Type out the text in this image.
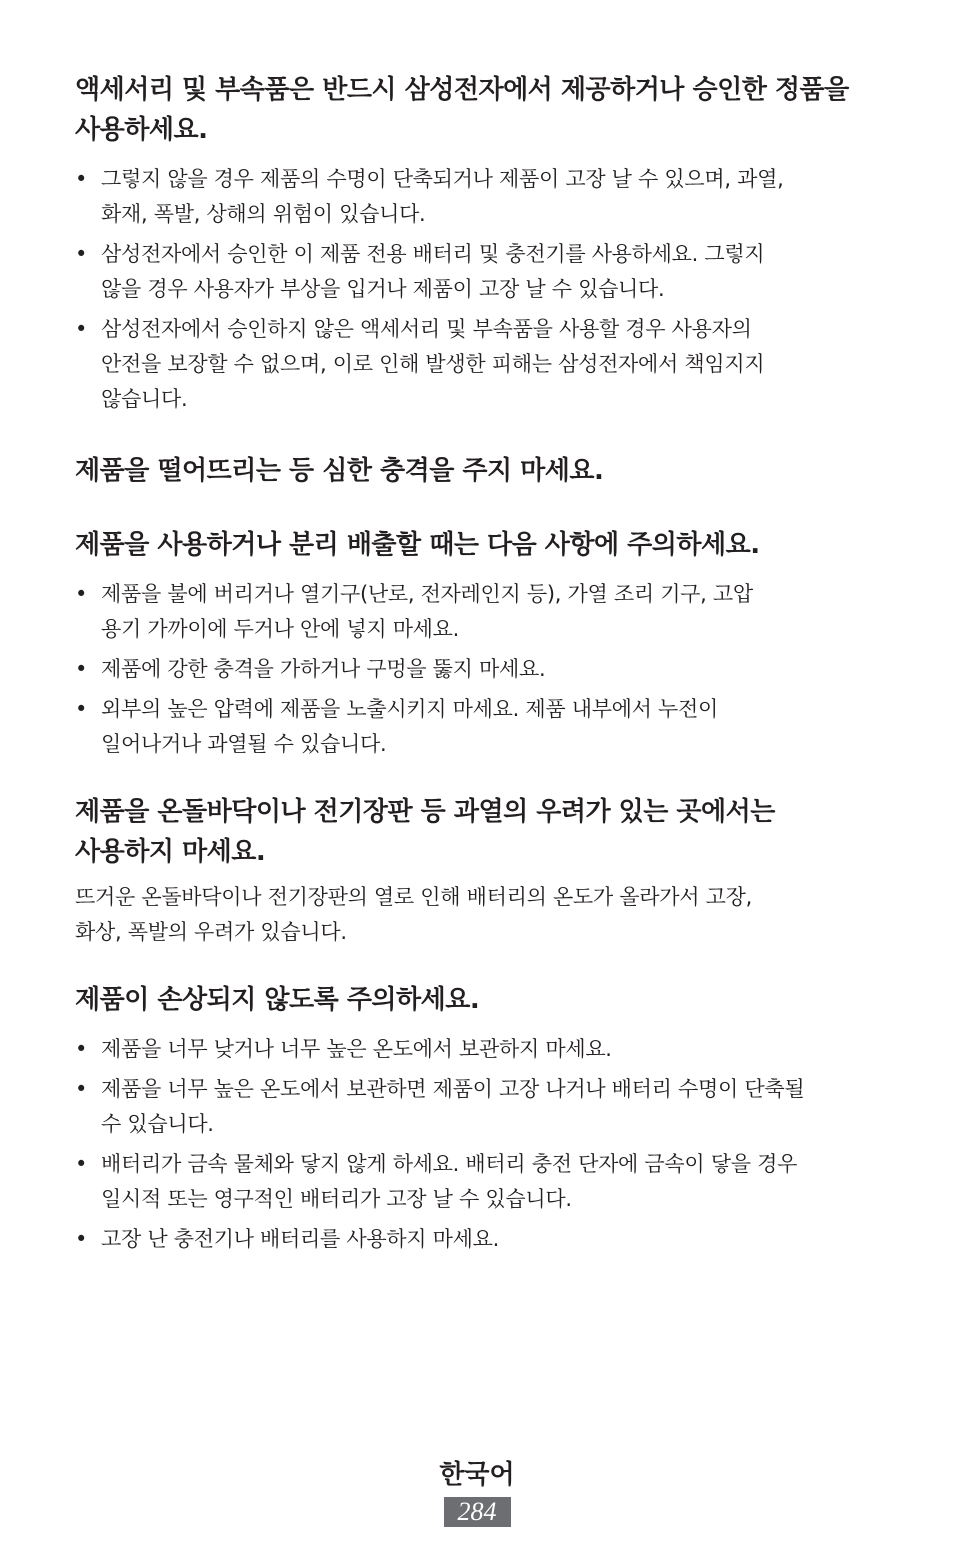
액세서리 및 부속품은 반드시 삼성전자에서 제공하거나 승인한 정품을
사용하세요.
• 그렇지 않을 경우 제품의 수명이 단축되거나 제품이 고장 날 수 있으며, 과열,
화재, 폭발, 상해의 위험이 있습니다.
• 삼성전자에서 승인한 이 제품 전용 배터리 및 충전기를 사용하세요. 그렇지
않을 경우 사용자가 부상을 입거나 제품이 고장 날 수 있습니다.
• 삼성전자에서 승인하지 않은 액세서리 및 부속품을 사용할 경우 사용자의
안전을 보장할 수 없으며, 이로 인해 발생한 피해는 삼성전자에서 책임지지
않습니다.
제품을 떨어뜨리는 등 심한 충격을 주지 마세요.
제품을 사용하거나 분리 배출할 때는 다음 사항에 주의하세요.
• 제품을 불에 버리거나 열기구(난로, 전자레인지 등), 가열 조리 기구, 고압
용기 가까이에 두거나 안에 넣지 마세요.
• 제품에 강한 충격을 가하거나 구멍을 뚫지 마세요.
• 외부의 높은 압력에 제품을 노출시키지 마세요. 제품 내부에서 누전이
일어나거나 과열될 수 있습니다.
제품을 온돌바닥이나 전기장판 등 과열의 우려가 있는 곳에서는
사용하지 마세요.

뜨거운 온돌바닥이나 전기장판의 열로 인해 배터리의 온도가 올라가서 고장,
화상, 폭발의 우려가 있습니다.

제품이 손상되지 않도록 주의하세요.
• 제품을 너무 낮거나 너무 높은 온도에서 보관하지 마세요.
• 제품을 너무 높은 온도에서 보관하면 제품이 고장 나거나 배터리 수명이 단축될
수 있습니다.
• 배터리가 금속 물체와 닿지 않게 하세요. 배터리 충전 단자에 금속이 닿을 경우
일시적 또는 영구적인 배터리가 고장 날 수 있습니다.
• 고장 난 충전기나 배터리를 사용하지 마세요.
한국어
284
